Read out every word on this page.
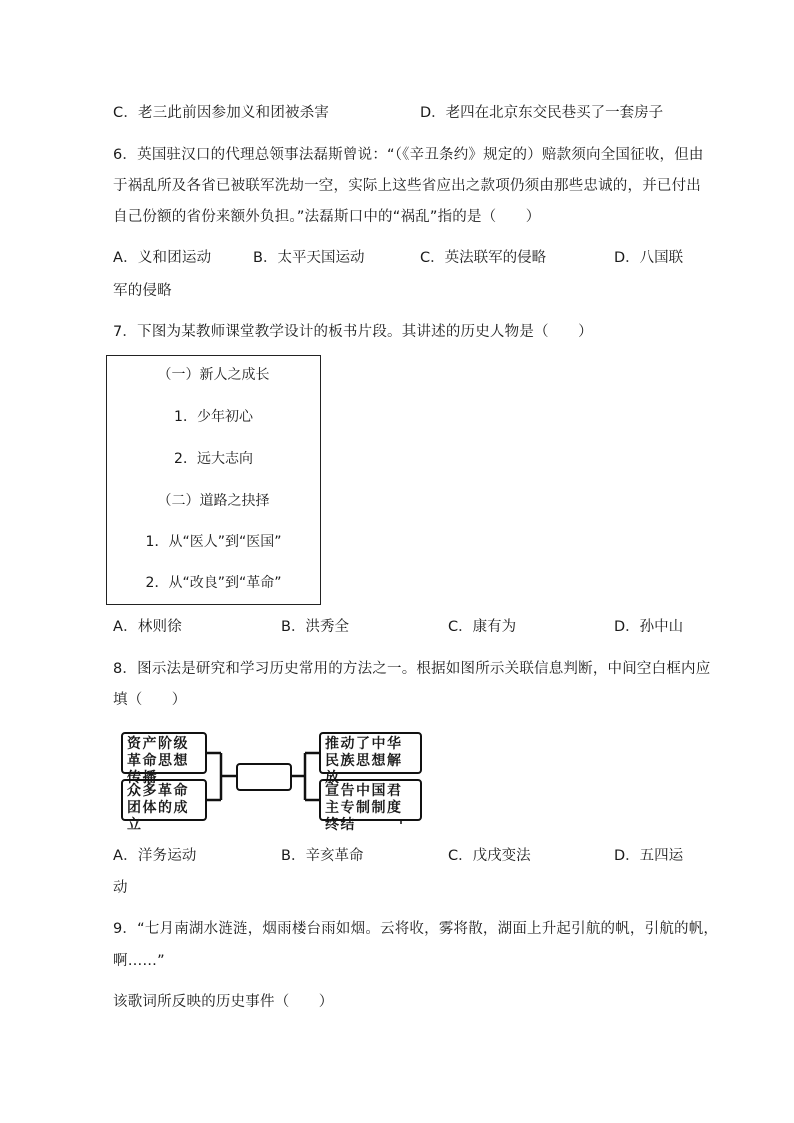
C．老三此前因参加义和团被杀害	D．老四在北京东交民巷买了一套房子
6．英国驻汉口的代理总领事法磊斯曾说：“（《辛丑条约》规定的）赔款须向全国征收，但由
于祸乱所及各省已被联军洗劫一空，实际上这些省应出之款项仍须由那些忠诚的，并已付出
自己份额的省份来额外负担。”法磊斯口中的“祸乱”指的是（　　）
A．义和团运动	B．太平天国运动	C．英法联军的侵略	D．八国联
军的侵略
7．下图为某教师课堂教学设计的板书片段。其讲述的历史人物是（　　）
（一）新人之成长
1．少年初心
2．远大志向
（二）道路之抉择
1．从“医人”到“医国”
2．从“改良”到“革命”
A．林则徐	B．洪秀全	C．康有为	D．孙中山
8．图示法是研究和学习历史常用的方法之一。根据如图所示关联信息判断，中间空白框内应
填（　　）
资产阶级革命思想传播
众多革命团体的成立
推动了中华民族思想解放
宣告中国君主专制制度终结
A．洋务运动	B．辛亥革命	C．戊戌变法	D．五四运
动
9．“七月南湖水涟涟，烟雨楼台雨如烟。云将收，雾将散，湖面上升起引航的帆，引航的帆，
啊……”
该歌词所反映的历史事件（　　）
